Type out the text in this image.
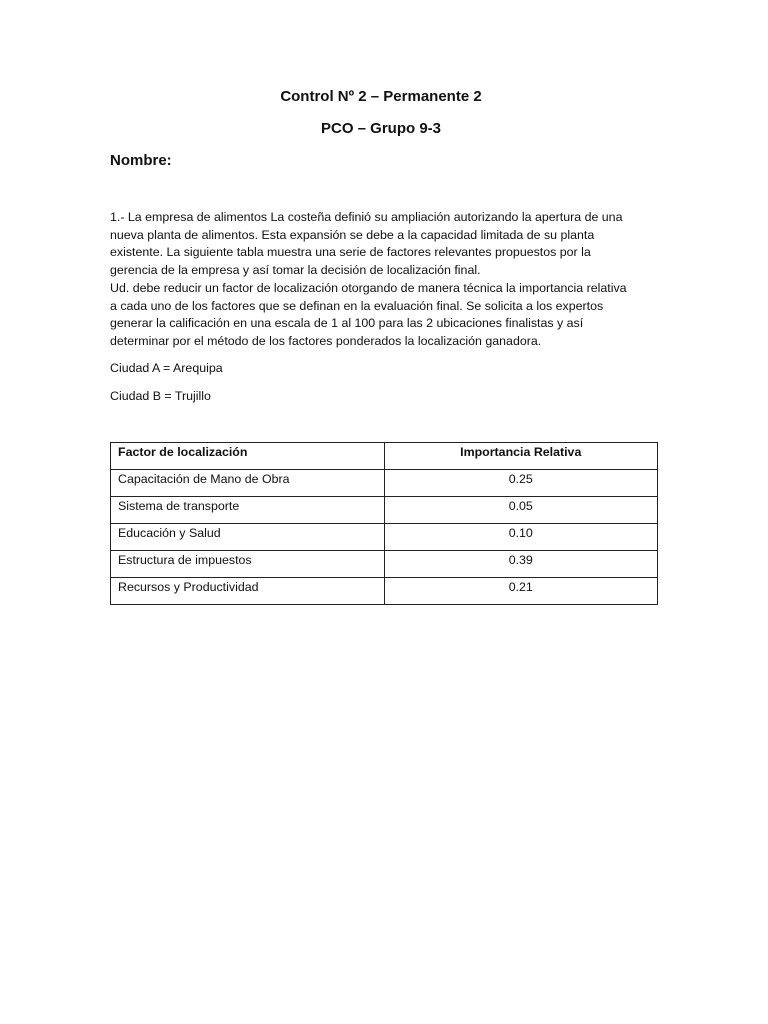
Control Nº 2 – Permanente 2
PCO – Grupo 9-3
Nombre:
1.- La empresa de alimentos La costeña definió su ampliación autorizando la apertura de una
nueva planta de alimentos. Esta expansión se debe a la capacidad limitada de su planta
existente. La siguiente tabla muestra una serie de factores relevantes propuestos por la
gerencia de la empresa y así tomar la decisión de localización final.
Ud. debe reducir un factor de localización otorgando de manera técnica la importancia relativa
a cada uno de los factores que se definan en la evaluación final. Se solicita a los expertos
generar la calificación en una escala de 1 al 100 para las 2 ubicaciones finalistas y así
determinar por el método de los factores ponderados la localización ganadora.
Ciudad A = Arequipa
Ciudad B = Trujillo
Factor de localización	Importancia Relativa
Capacitación de Mano de Obra	0.25
Sistema de transporte	0.05
Educación y Salud	0.10
Estructura de impuestos	0.39
Recursos y Productividad	0.21
